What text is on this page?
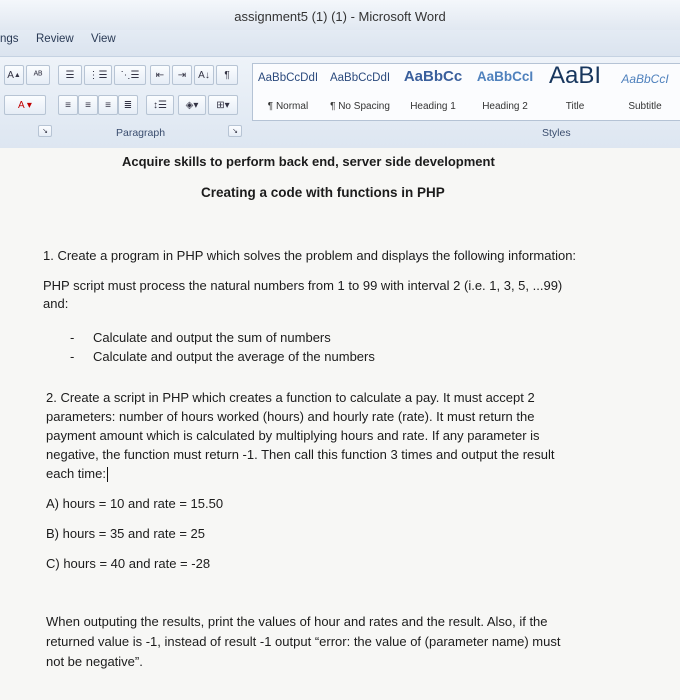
assignment5 (1) (1) - Microsoft Word
ngs Review View
A ▲	ᴬᴮ	☰	⋮☰	⋱☰	⇤	⇥	A↓	¶
A ▾	≡	≡	≡	≣	↕☰	◈▾	⊞▾
AaBbCcDdI
¶ Normal
AaBbCcDdI
¶ No Spacing
AaBbCc
Heading 1
AaBbCcI
Heading 2
AaBI
Title
AaBbCcI
Subtitle
↘	↘
Paragraph	Styles
Acquire skills to perform back end, server side development
Creating a code with functions in PHP
1. Create a program in PHP which solves the problem and displays the following information:
PHP script must process the natural numbers from 1 to 99 with interval 2 (i.e. 1, 3, 5, ...99)
and:
- Calculate and output the sum of numbers
- Calculate and output the average of the numbers
2. Create a script in PHP which creates a function to calculate a pay. It must accept 2
parameters: number of hours worked (hours) and hourly rate (rate). It must return the
payment amount which is calculated by multiplying hours and rate. If any parameter is
negative, the function must return -1. Then call this function 3 times and output the result
each time:
A) hours = 10 and rate = 15.50
B) hours = 35 and rate = 25
C) hours = 40 and rate = -28
When outputing the results, print the values of hour and rates and the result. Also, if the
returned value is -1, instead of result -1 output “error: the value of (parameter name) must
not be negative”.
